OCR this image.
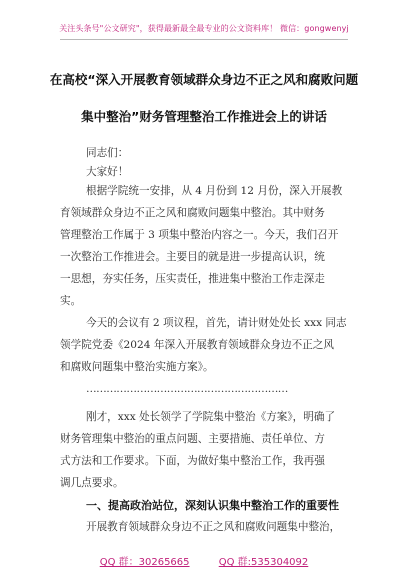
关注头条号"公文研究"，获得最新最全最专业的公文资料库！ 微信：gongwenyj
在高校“深入开展教育领域群众身边不正之风和腐败问题
集中整治”财务管理整治工作推进会上的讲话
同志们：
大家好！
根据学院统一安排，从 4 月份到 12 月份，深入开展教
育领域群众身边不正之风和腐败问题集中整治。其中财务
管理整治工作属于 3 项集中整治内容之一。今天，我们召开
一次整治工作推进会。主要目的就是进一步提高认识，统
一思想，夯实任务，压实责任，推进集中整治工作走深走
实。
今天的会议有 2 项议程，首先，请计财处处长 xxx 同志
领学院党委《2024 年深入开展教育领域群众身边不正之风
和腐败问题集中整治实施方案》。
……………………………………………………
刚才，xxx 处长领学了学院集中整治《方案》，明确了
财务管理集中整治的重点问题、主要措施、责任单位、方
式方法和工作要求。下面，为做好集中整治工作，我再强
调几点要求。
一、提高政治站位，深刻认识集中整治工作的重要性
开展教育领域群众身边不正之风和腐败问题集中整治，
QQ 群：30265665	QQ 群:535304092
